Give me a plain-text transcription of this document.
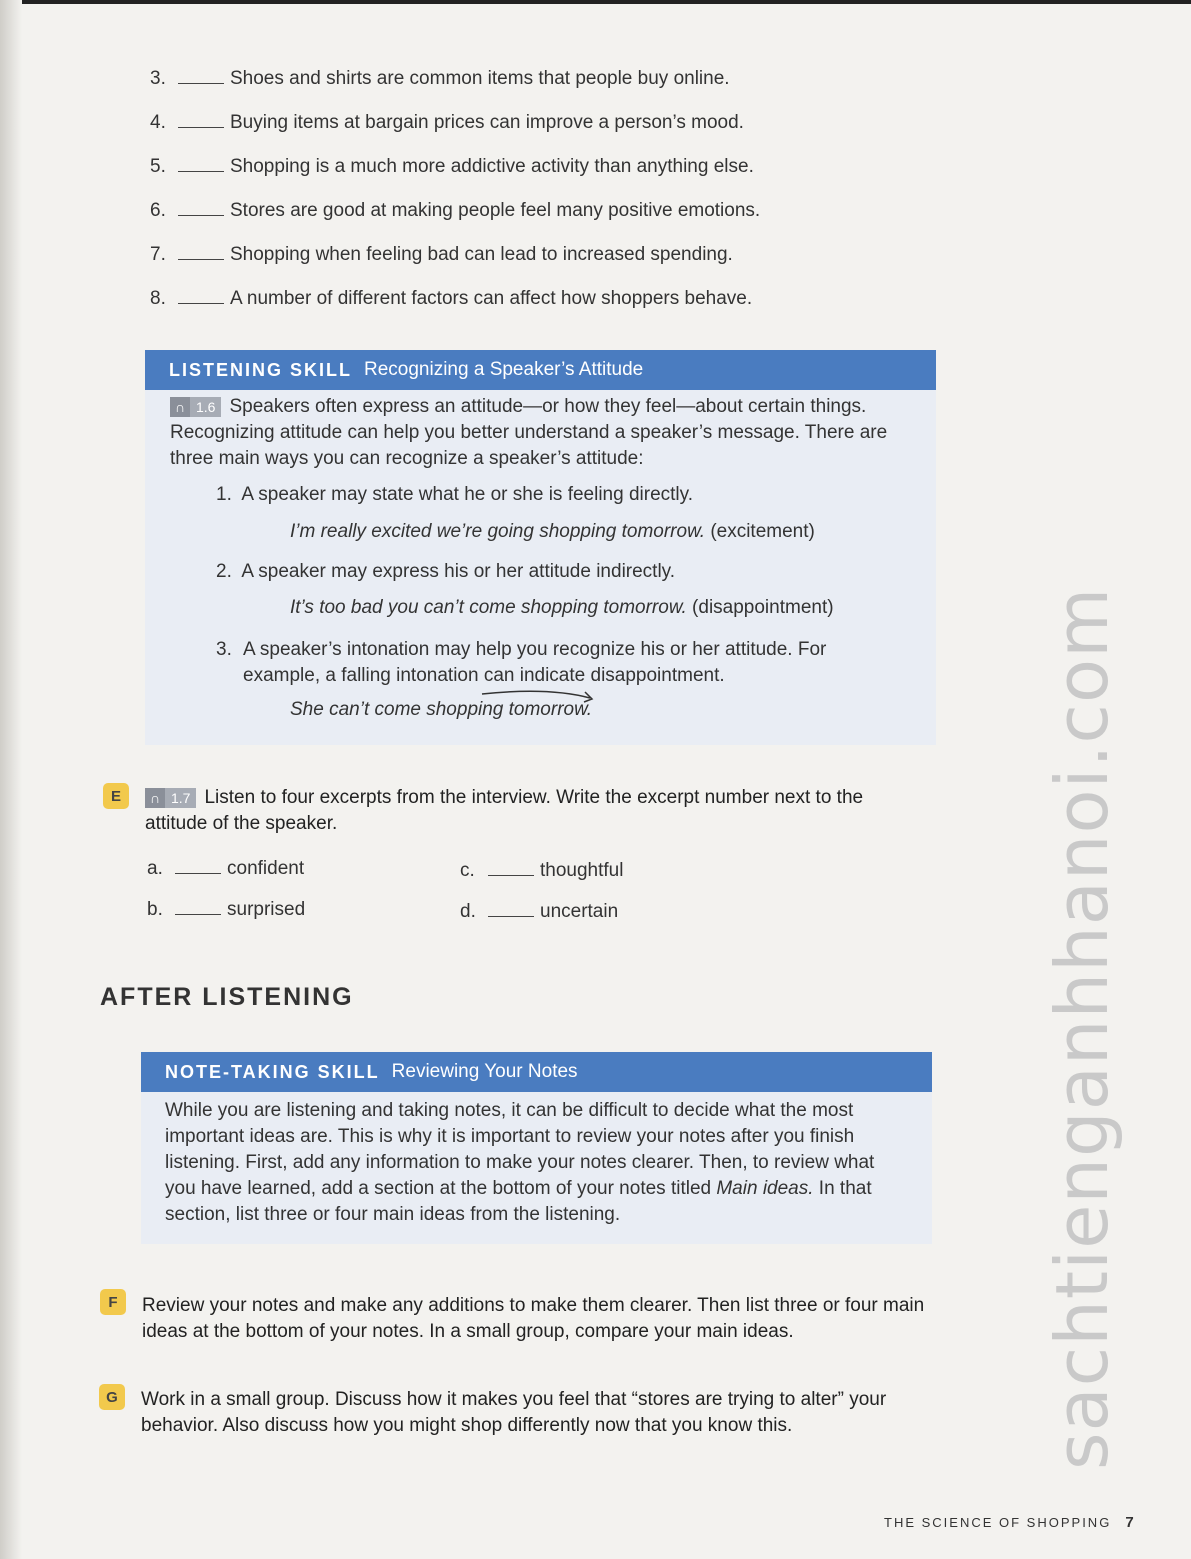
3.	Shoes and shirts are common items that people buy online.
4.	Buying items at bargain prices can improve a person’s mood.
5.	Shopping is a much more addictive activity than anything else.
6.	Stores are good at making people feel many positive emotions.
7.	Shopping when feeling bad can lead to increased spending.
8.	A number of different factors can affect how shoppers behave.
LISTENING SKILL Recognizing a Speaker’s Attitude
∩ 1.6 Speakers often express an attitude—or how they feel—about certain things. Recognizing attitude can help you better understand a speaker’s message. There are three main ways you can recognize a speaker’s attitude:
1. A speaker may state what he or she is feeling directly.
I’m really excited we’re going shopping tomorrow. (excitement)
2. A speaker may express his or her attitude indirectly.
It’s too bad you can’t come shopping tomorrow. (disappointment)
3. A speaker’s intonation may help you recognize his or her attitude. For example, a falling intonation can indicate disappointment.
She can’t come shopping tomorrow.
E	∩ 1.7 Listen to four excerpts from the interview. Write the excerpt number next to the attitude of the speaker.
a.	confident
b.	surprised
c.	thoughtful
d.	uncertain
AFTER LISTENING
NOTE-TAKING SKILL Reviewing Your Notes
While you are listening and taking notes, it can be difficult to decide what the most important ideas are. This is why it is important to review your notes after you finish listening. First, add any information to make your notes clearer. Then, to review what you have learned, add a section at the bottom of your notes titled Main ideas. In that section, list three or four main ideas from the listening.
F	Review your notes and make any additions to make them clearer. Then list three or four main ideas at the bottom of your notes. In a small group, compare your main ideas.
G	Work in a small group. Discuss how it makes you feel that “stores are trying to alter” your behavior. Also discuss how you might shop differently now that you know this.	sachtienganhhanoi.com
THE SCIENCE OF SHOPPING 7
